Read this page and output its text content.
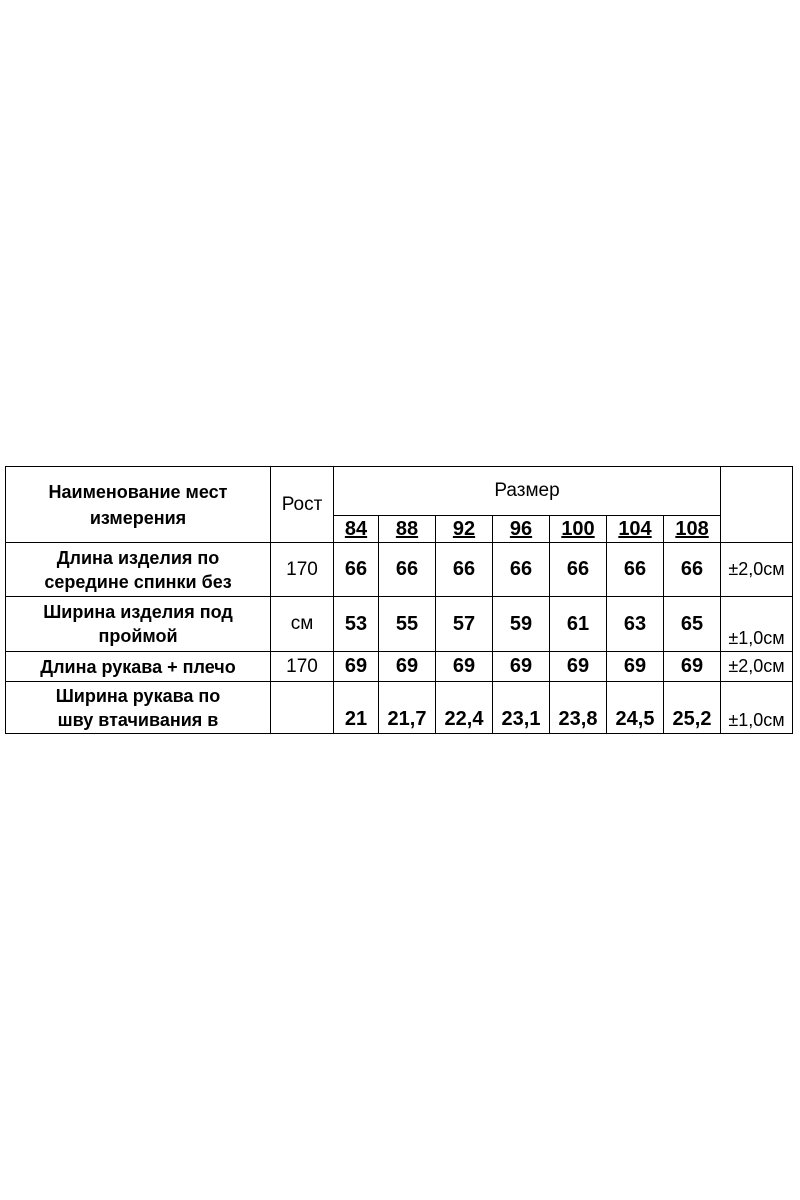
Наименование мест
измерения	Рост	Размер							
		84	88	92	96	100	104	108	

Длина изделия по
середине спинки без	170	66	66	66	66	66	66	66	±2,0см

Ширина изделия под
проймой	см	53	55	57	59	61	63	65	±1,0см
Длина рукава + плечо	170	69	69	69	69	69	69	69	±2,0см

Ширина рукава по
шву втачивания в		21	21,7	22,4	23,1	23,8	24,5	25,2	±1,0см
